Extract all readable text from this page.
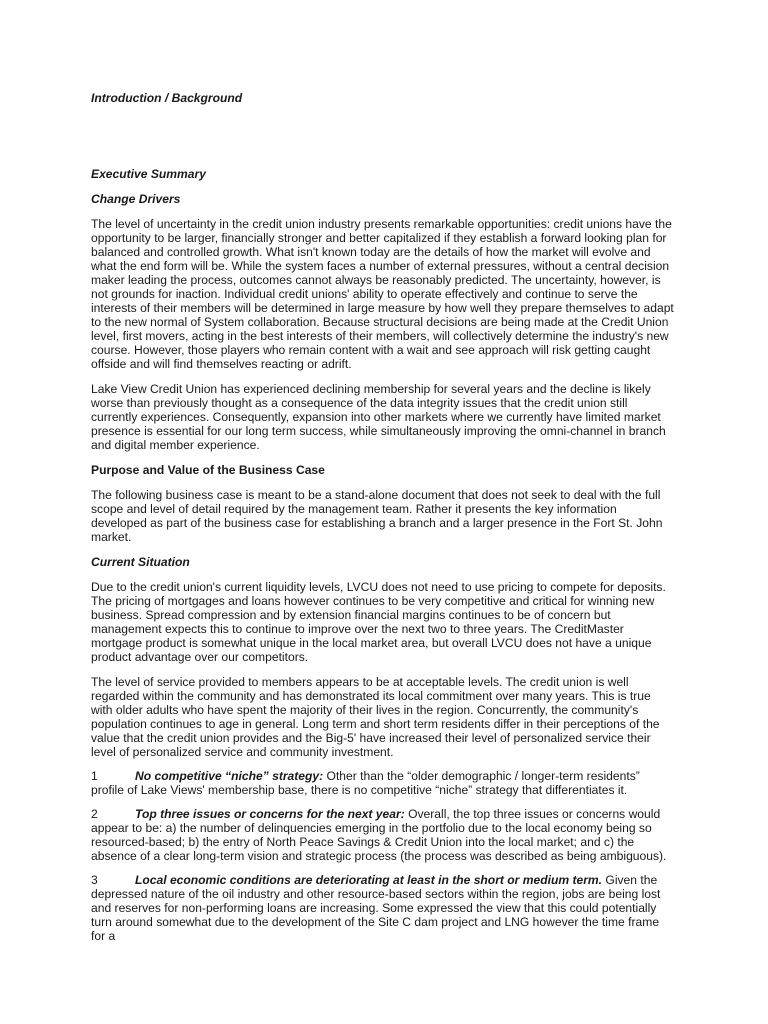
Introduction / Background

Executive Summary

Change Drivers

The level of uncertainty in the credit union industry presents remarkable opportunities: credit unions have the opportunity to be larger, financially stronger and better capitalized if they establish a forward looking plan for balanced and controlled growth. What isn't known today are the details of how the market will evolve and what the end form will be. While the system faces a number of external pressures, without a central decision maker leading the process, outcomes cannot always be reasonably predicted. The uncertainty, however, is not grounds for inaction. Individual credit unions' ability to operate effectively and continue to serve the interests of their members will be determined in large measure by how well they prepare themselves to adapt to the new normal of System collaboration. Because structural decisions are being made at the Credit Union level, first movers, acting in the best interests of their members, will collectively determine the industry's new course. However, those players who remain content with a wait and see approach will risk getting caught offside and will find themselves reacting or adrift.

Lake View Credit Union has experienced declining membership for several years and the decline is likely worse than previously thought as a consequence of the data integrity issues that the credit union still currently experiences. Consequently, expansion into other markets where we currently have limited market presence is essential for our long term success, while simultaneously improving the omni-channel in branch and digital member experience.

Purpose and Value of the Business Case

The following business case is meant to be a stand-alone document that does not seek to deal with the full scope and level of detail required by the management team. Rather it presents the key information developed as part of the business case for establishing a branch and a larger presence in the Fort St. John market.

Current Situation

Due to the credit union's current liquidity levels, LVCU does not need to use pricing to compete for deposits. The pricing of mortgages and loans however continues to be very competitive and critical for winning new business. Spread compression and by extension financial margins continues to be of concern but management expects this to continue to improve over the next two to three years. The CreditMaster mortgage product is somewhat unique in the local market area, but overall LVCU does not have a unique product advantage over our competitors.

The level of service provided to members appears to be at acceptable levels. The credit union is well regarded within the community and has demonstrated its local commitment over many years. This is true with older adults who have spent the majority of their lives in the region. Concurrently, the community's population continues to age in general. Long term and short term residents differ in their perceptions of the value that the credit union provides and the Big-5' have increased their level of personalized service their level of personalized service and community investment.

1	No competitive “niche” strategy: Other than the “older demographic / longer-term residents” profile of Lake Views' membership base, there is no competitive “niche” strategy that differentiates it.

2	Top three issues or concerns for the next year: Overall, the top three issues or concerns would appear to be: a) the number of delinquencies emerging in the portfolio due to the local economy being so resourced-based; b) the entry of North Peace Savings & Credit Union into the local market; and c) the absence of a clear long-term vision and strategic process (the process was described as being ambiguous).

3	Local economic conditions are deteriorating at least in the short or medium term. Given the depressed nature of the oil industry and other resource-based sectors within the region, jobs are being lost and reserves for non-performing loans are increasing. Some expressed the view that this could potentially turn around somewhat due to the development of the Site C dam project and LNG however the time frame for a
